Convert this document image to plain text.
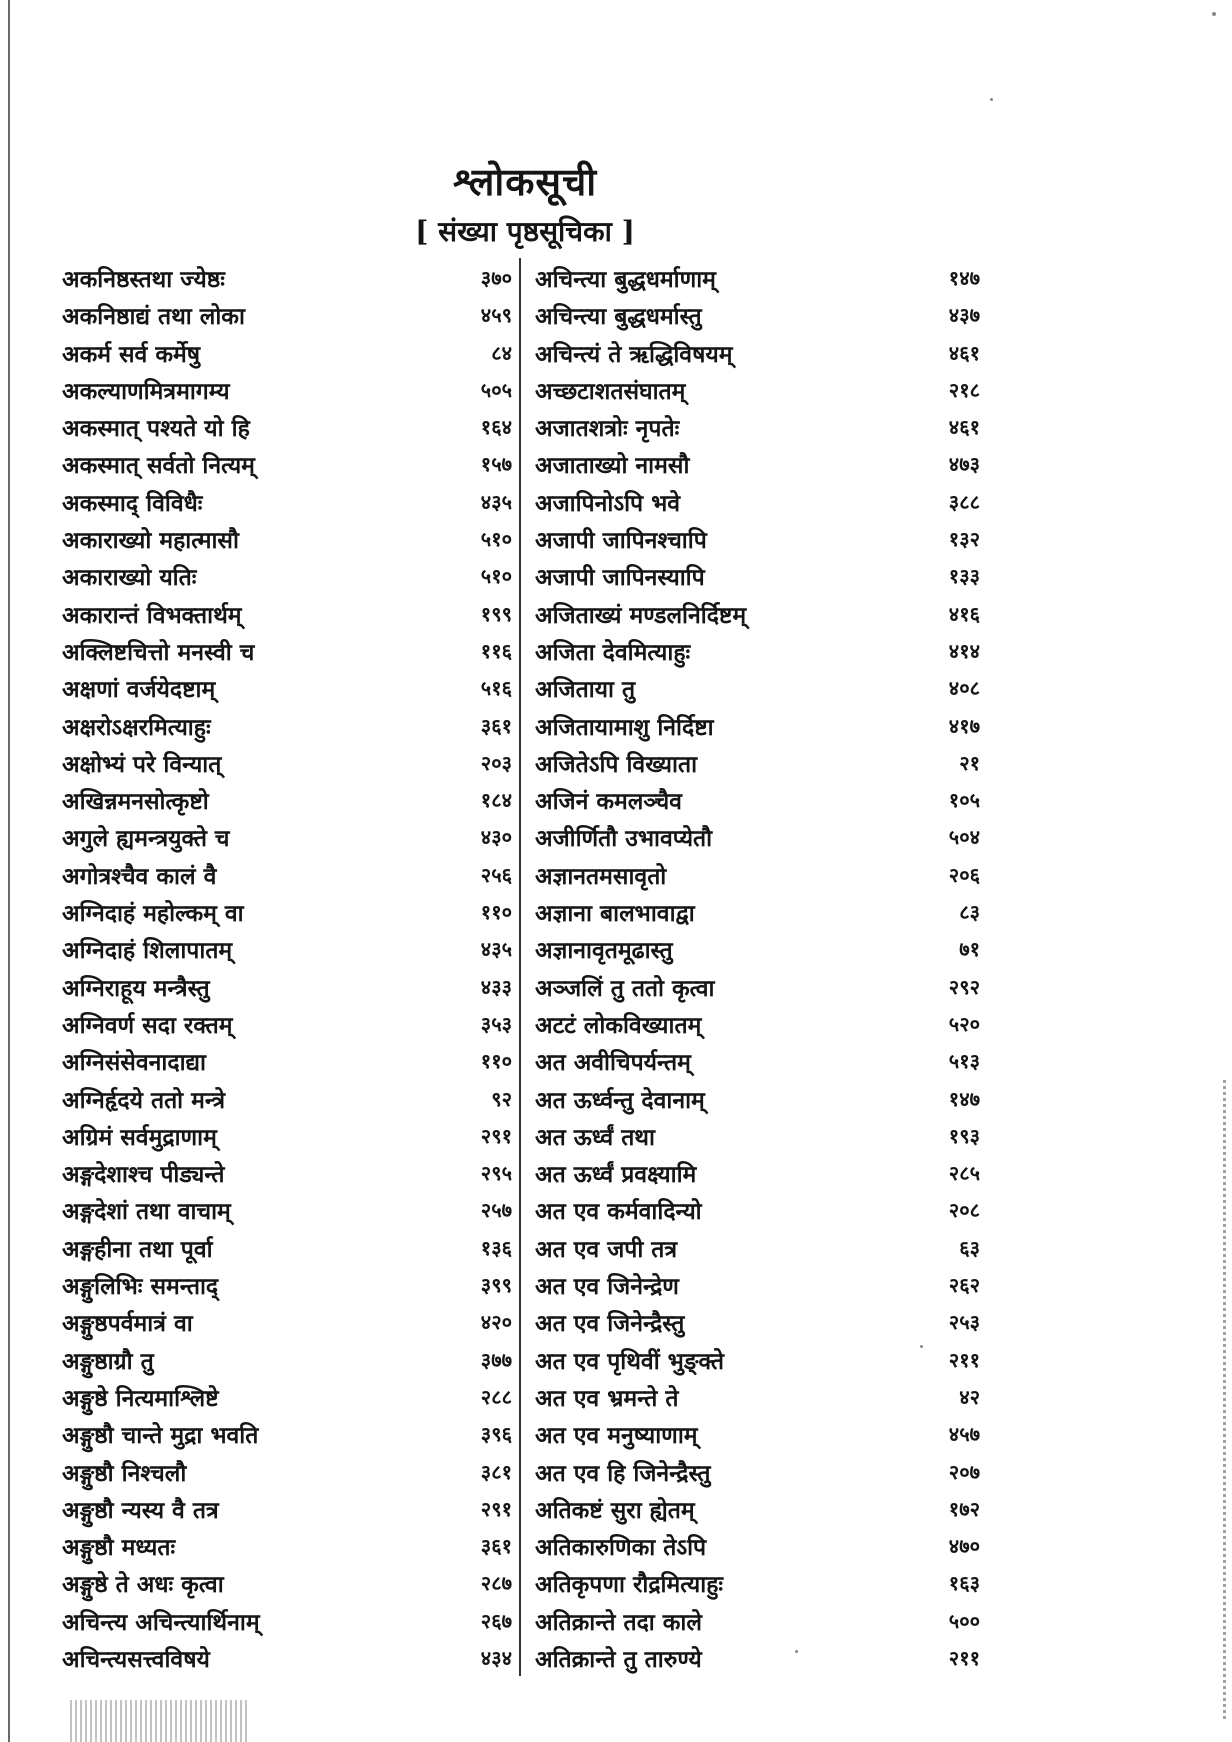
श्लोकसूची
[ संख्या पृष्ठसूचिका ]
अकनिष्ठस्तथा ज्येष्ठः	३७०
अकनिष्ठाद्यं तथा लोका	४५९
अकर्म सर्व कर्मेषु	८४
अकल्याणमित्रमागम्य	५०५
अकस्मात् पश्यते यो हि	१६४
अकस्मात् सर्वतो नित्यम्	१५७
अकस्माद् विविधैः	४३५
अकाराख्यो महात्मासौ	५१०
अकाराख्यो यतिः	५१०
अकारान्तं विभक्तार्थम्	१९९
अक्लिष्टचित्तो मनस्वी च	११६
अक्षणां वर्जयेदष्टाम्	५१६
अक्षरोऽक्षरमित्याहुः	३६१
अक्षोभ्यं परे विन्यात्	२०३
अखिन्नमनसोत्कृष्टो	१८४
अगुले ह्यमन्त्रयुक्ते च	४३०
अगोत्रश्चैव कालं वै	२५६
अग्निदाहं महोल्कम् वा	११०
अग्निदाहं शिलापातम्	४३५
अग्निराहूय मन्त्रैस्तु	४३३
अग्निवर्ण सदा रक्तम्	३५३
अग्निसंसेवनादाद्या	११०
अग्निर्हृदये ततो मन्त्रे	९२
अग्रिमं सर्वमुद्राणाम्	२९१
अङ्गदेशाश्च पीड्यन्ते	२९५
अङ्गदेशां तथा वाचाम्	२५७
अङ्गहीना तथा पूर्वा	१३६
अङ्गुलिभिः समन्ताद्	३९९
अङ्गुष्ठपर्वमात्रं वा	४२०
अङ्गुष्ठाग्रौ तु	३७७
अङ्गुष्ठे नित्यमाश्लिष्टे	२८८
अङ्गुष्ठौ चान्ते मुद्रा भवति	३९६
अङ्गुष्ठौ निश्चलौ	३८१
अङ्गुष्ठौ न्यस्य वै तत्र	२९१
अङ्गुष्ठौ मध्यतः	३६१
अङ्गुष्ठे ते अधः कृत्वा	२८७
अचिन्त्य अचिन्त्यार्थिनाम्	२६७
अचिन्त्यसत्त्वविषये	४३४
अचिन्त्या बुद्धधर्माणाम्	१४७
अचिन्त्या बुद्धधर्मास्तु	४३७
अचिन्त्यं ते ऋद्धिविषयम्	४६१
अच्छटाशतसंघातम्	२१८
अजातशत्रोः नृपतेः	४६१
अजाताख्यो नामसौ	४७३
अजापिनोऽपि भवे	३८८
अजापी जापिनश्चापि	१३२
अजापी जापिनस्यापि	१३३
अजिताख्यं मण्डलनिर्दिष्टम्	४१६
अजिता देवमित्याहुः	४१४
अजिताया तु	४०८
अजितायामाशु निर्दिष्टा	४१७
अजितेऽपि विख्याता	२१
अजिनं कमलञ्चैव	१०५
अजीर्णितौ उभावप्येतौ	५०४
अज्ञानतमसावृतो	२०६
अज्ञाना बालभावाद्वा	८३
अज्ञानावृतमूढास्तु	७१
अञ्जलिं तु ततो कृत्वा	२९२
अटटं लोकविख्यातम्	५२०
अत अवीचिपर्यन्तम्	५१३
अत ऊर्ध्वन्तु देवानाम्	१४७
अत ऊर्ध्वं तथा	१९३
अत ऊर्ध्वं प्रवक्ष्यामि	२८५
अत एव कर्मवादिन्यो	२०८
अत एव जपी तत्र	६३
अत एव जिनेन्द्रेण	२६२
अत एव जिनेन्द्रैस्तु	२५३
अत एव पृथिवीं भुङ्क्ते	२११
अत एव भ्रमन्ते ते	४२
अत एव मनुष्याणाम्	४५७
अत एव हि जिनेन्द्रैस्तु	२०७
अतिकष्टं सुरा ह्येतम्	१७२
अतिकारुणिका तेऽपि	४७०
अतिकृपणा रौद्रमित्याहुः	१६३
अतिक्रान्ते तदा काले	५००
अतिक्रान्ते तु तारुण्ये	२११
